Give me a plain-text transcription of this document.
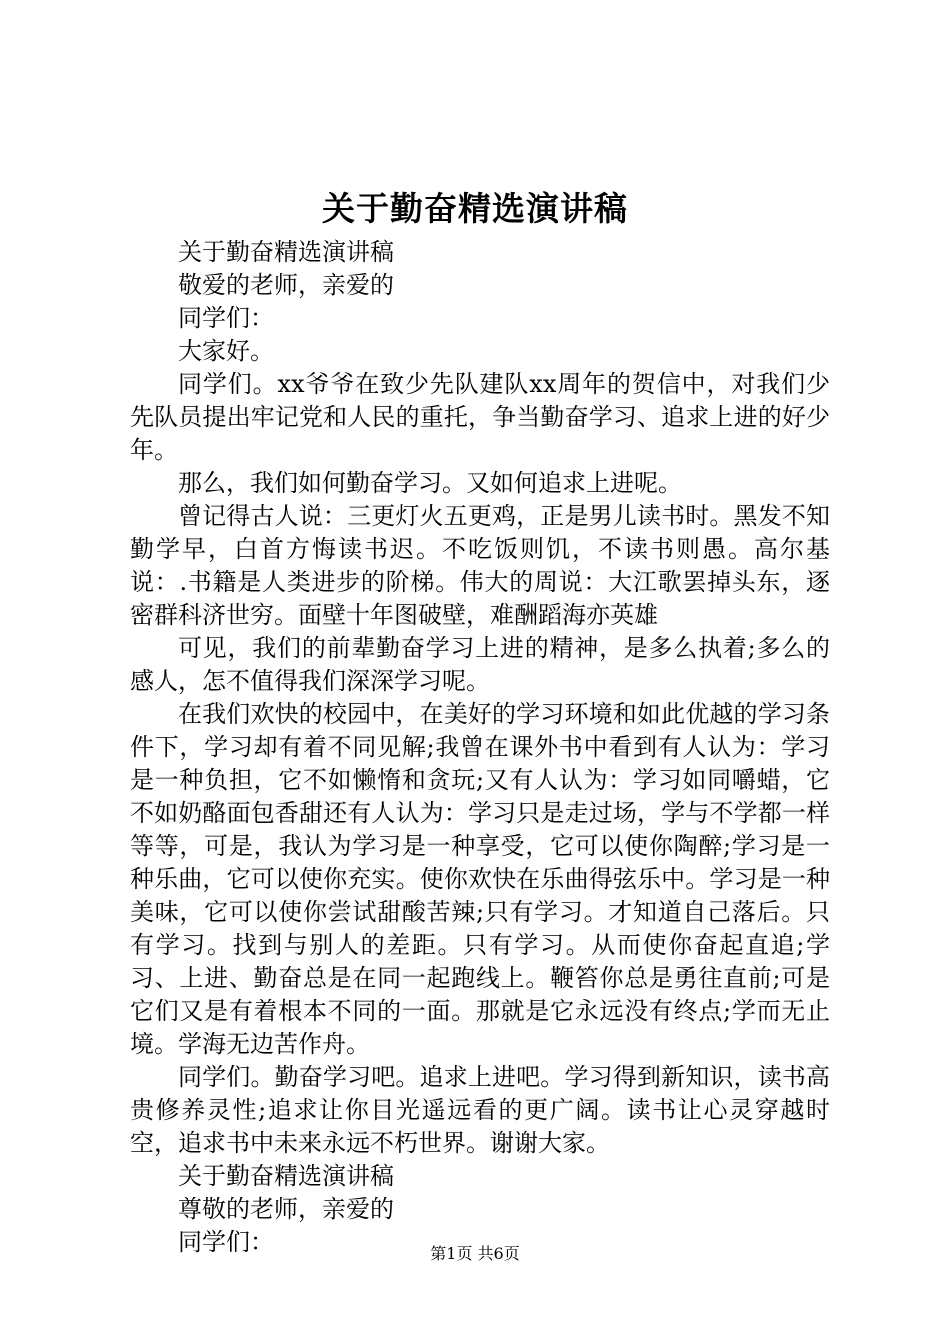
关于勤奋精选演讲稿

关于勤奋精选演讲稿

敬爱的老师，亲爱的

同学们：

大家好。

同学们。xx爷爷在致少先队建队xx周年的贺信中，对我们少先队员提出牢记党和人民的重托，争当勤奋学习、追求上进的好少年。

那么，我们如何勤奋学习。又如何追求上进呢。

曾记得古人说：三更灯火五更鸡，正是男儿读书时。黑发不知勤学早，白首方悔读书迟。不吃饭则饥，不读书则愚。高尔基说：.书籍是人类进步的阶梯。伟大的周说：大江歌罢掉头东，逐密群科济世穷。面壁十年图破壁，难酬蹈海亦英雄

可见，我们的前辈勤奋学习上进的精神，是多么执着;多么的感人，怎不值得我们深深学习呢。

在我们欢快的校园中，在美好的学习环境和如此优越的学习条件下，学习却有着不同见解;我曾在课外书中看到有人认为：学习是一种负担，它不如懒惰和贪玩;又有人认为：学习如同嚼蜡，它不如奶酪面包香甜还有人认为：学习只是走过场，学与不学都一样等等，可是，我认为学习是一种享受，它可以使你陶醉;学习是一种乐曲，它可以使你充实。使你欢快在乐曲得弦乐中。学习是一种美味，它可以使你尝试甜酸苦辣;只有学习。才知道自己落后。只有学习。找到与别人的差距。只有学习。从而使你奋起直追;学习、上进、勤奋总是在同一起跑线上。鞭笞你总是勇往直前;可是它们又是有着根本不同的一面。那就是它永远没有终点;学而无止境。学海无边苦作舟。

同学们。勤奋学习吧。追求上进吧。学习得到新知识，读书高贵修养灵性;追求让你目光遥远看的更广阔。读书让心灵穿越时空，追求书中未来永远不朽世界。谢谢大家。

关于勤奋精选演讲稿

尊敬的老师，亲爱的

同学们：	第1页 共6页
